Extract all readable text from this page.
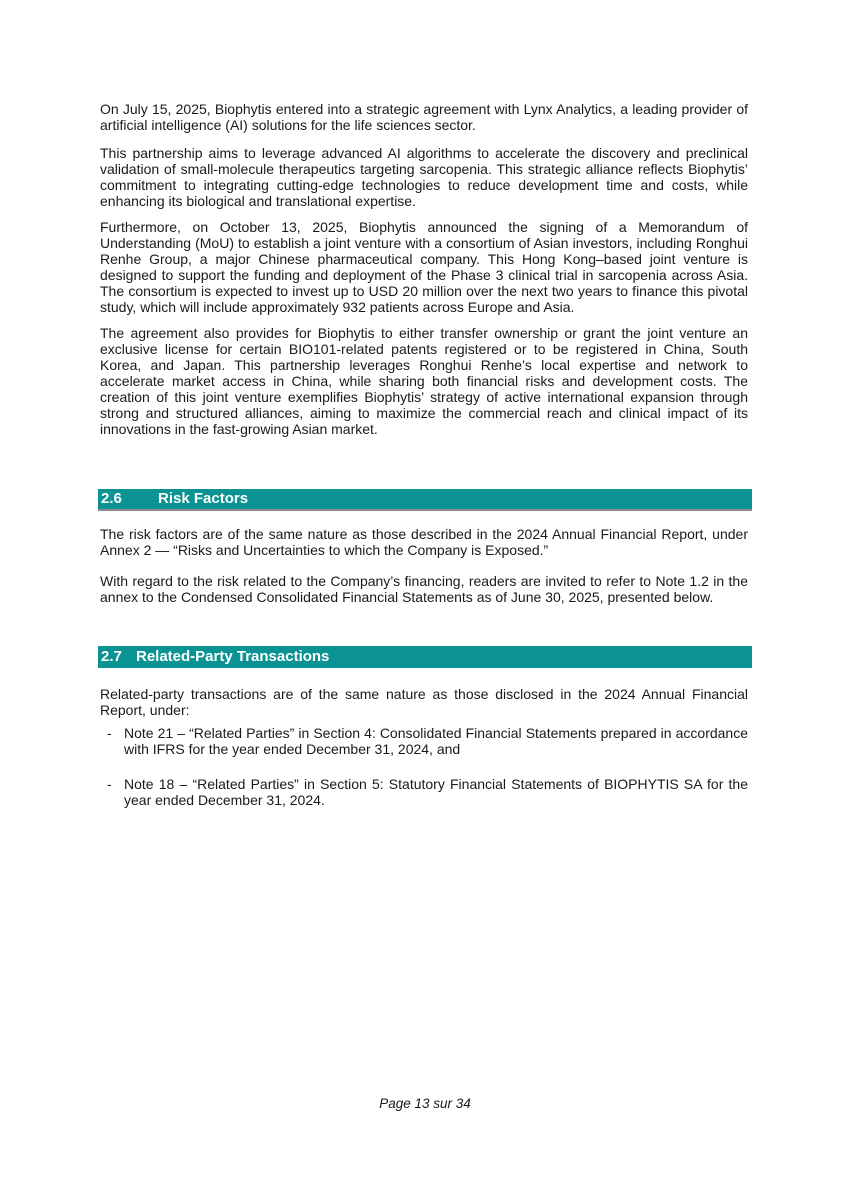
On July 15, 2025, Biophytis entered into a strategic agreement with Lynx Analytics, a leading provider of artificial intelligence (AI) solutions for the life sciences sector.

This partnership aims to leverage advanced AI algorithms to accelerate the discovery and preclinical validation of small-molecule therapeutics targeting sarcopenia. This strategic alliance reflects Biophytis’ commitment to integrating cutting-edge technologies to reduce development time and costs, while enhancing its biological and translational expertise.

Furthermore, on October 13, 2025, Biophytis announced the signing of a Memorandum of Understanding (MoU) to establish a joint venture with a consortium of Asian investors, including Ronghui Renhe Group, a major Chinese pharmaceutical company. This Hong Kong–based joint venture is designed to support the funding and deployment of the Phase 3 clinical trial in sarcopenia across Asia. The consortium is expected to invest up to USD 20 million over the next two years to finance this pivotal study, which will include approximately 932 patients across Europe and Asia.

The agreement also provides for Biophytis to either transfer ownership or grant the joint venture an exclusive license for certain BIO101-related patents registered or to be registered in China, South Korea, and Japan. This partnership leverages Ronghui Renhe’s local expertise and network to accelerate market access in China, while sharing both financial risks and development costs. The creation of this joint venture exemplifies Biophytis’ strategy of active international expansion through strong and structured alliances, aiming to maximize the commercial reach and clinical impact of its innovations in the fast-growing Asian market.

2.6	Risk Factors

The risk factors are of the same nature as those described in the 2024 Annual Financial Report, under Annex 2 — “Risks and Uncertainties to which the Company is Exposed.”

With regard to the risk related to the Company’s financing, readers are invited to refer to Note 1.2 in the annex to the Condensed Consolidated Financial Statements as of June 30, 2025, presented below.

2.7 Related-Party Transactions

Related-party transactions are of the same nature as those disclosed in the 2024 Annual Financial Report, under:

- Note 21 – “Related Parties” in Section 4: Consolidated Financial Statements prepared in accordance with IFRS for the year ended December 31, 2024, and
- Note 18 – “Related Parties” in Section 5: Statutory Financial Statements of BIOPHYTIS SA for the year ended December 31, 2024.
Page 13 sur 34
